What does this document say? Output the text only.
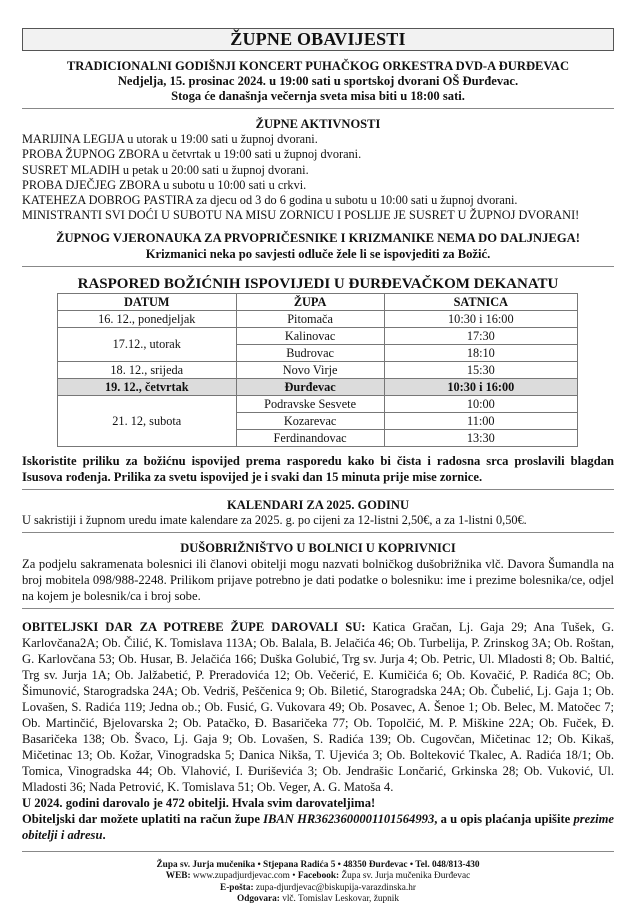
ŽUPNE OBAVIJESTI
TRADICIONALNI GODIŠNJI KONCERT PUHAČKOG ORKESTRA DVD-A ĐURĐEVAC
Nedjelja, 15. prosinac 2024. u 19:00 sati u sportskoj dvorani OŠ Đurđevac.
Stoga će današnja večernja sveta misa biti u 18:00 sati.
ŽUPNE AKTIVNOSTI
MARIJINA LEGIJA u utorak u 19:00 sati u župnoj dvorani.
PROBA ŽUPNOG ZBORA u četvrtak u 19:00 sati u župnoj dvorani.
SUSRET MLADIH u petak u 20:00 sati u župnoj dvorani.
PROBA DJEČJEG ZBORA u subotu u 10:00 sati u crkvi.
KATEHEZA DOBROG PASTIRA za djecu od 3 do 6 godina u subotu u 10:00 sati u župnoj dvorani.
MINISTRANTI SVI DOĆI U SUBOTU NA MISU ZORNICU I POSLIJE JE SUSRET U ŽUPNOJ DVORANI!
ŽUPNOG VJERONAUKA ZA PRVOPRIČESNIKE I KRIZMANIKE NEMA DO DALJNJEGA!
Krizmanici neka po savjesti odluče žele li se ispovjediti za Božić.
RASPORED BOŽIĆNIH ISPOVIJEDI U ĐURĐEVAČKOM DEKANATU
DATUM	ŽUPA	SATNICA
16. 12., ponedjeljak	Pitomača	10:30 i 16:00
17.12., utorak	Kalinovac	17:30
	Budrovac	18:10
18. 12., srijeda	Novo Virje	15:30
19. 12., četvrtak	Đurđevac	10:30 i 16:00
21. 12, subota	Podravske Sesvete	10:00
	Kozarevac	11:00
	Ferdinandovac	13:30
Iskoristite priliku za božićnu ispovijed prema rasporedu kako bi čista i radosna srca proslavili blagdan Isusova rođenja. Prilika za svetu ispovijed je i svaki dan 15 minuta prije mise zornice.
KALENDARI ZA 2025. GODINU
U sakristiji i župnom uredu imate kalendare za 2025. g. po cijeni za 12-listni 2,50€, a za 1-listni 0,50€.
DUŠOBRIŽNIŠTVO U BOLNICI U KOPRIVNICI
Za podjelu sakramenata bolesnici ili članovi obitelji mogu nazvati bolničkog dušobrižnika vlč. Davora Šumandla na broj mobitela 098/988-2248. Prilikom prijave potrebno je dati podatke o bolesniku: ime i prezime bolesnika/ce, odjel na kojem je bolesnik/ca i broj sobe.
OBITELJSKI DAR ZA POTREBE ŽUPE DAROVALI SU: Katica Gračan, Lj. Gaja 29; Ana Tušek, G. Karlovčana2A; Ob. Čilić, K. Tomislava 113A; Ob. Balala, B. Jelačića 46; Ob. Turbelija, P. Zrinskog 3A; Ob. Roštan, G. Karlovčana 53; Ob. Husar, B. Jelačića 166; Duška Golubić, Trg sv. Jurja 4; Ob. Petric, Ul. Mladosti 8; Ob. Baltić, Trg sv. Jurja 1A; Ob. Jalžabetić, P. Preradovića 12; Ob. Večerić, E. Kumičića 6; Ob. Kovačić, P. Radića 8C; Ob. Šimunović, Starogradska 24A; Ob. Vedriš, Peščenica 9; Ob. Biletić, Starogradska 24A; Ob. Čubelić, Lj. Gaja 1; Ob. Lovašen, S. Radića 119; Jedna ob.; Ob. Fusić, G. Vukovara 49; Ob. Posavec, A. Šenoe 1; Ob. Belec, M. Matočec 7; Ob. Martinčić, Bjelovarska 2; Ob. Patačko, Đ. Basaričeka 77; Ob. Topolčić, M. P. Miškine 22A; Ob. Fuček, Đ. Basaričeka 138; Ob. Švaco, Lj. Gaja 9; Ob. Lovašen, S. Radića 139; Ob. Cugovčan, Mičetinac 12; Ob. Kikaš, Mičetinac 13; Ob. Kožar, Vinogradska 5; Danica Nikša, T. Ujevića 3; Ob. Bolteković Tkalec, A. Radića 18/1; Ob. Tomica, Vinogradska 44; Ob. Vlahović, I. Đuriševića 3; Ob. Jendrašic Lončarić, Grkinska 28; Ob. Vuković, Ul. Mladosti 36; Nada Petrović, K. Tomislava 51; Ob. Veger, A. G. Matoša 4.
U 2024. godini darovalo je 472 obitelji. Hvala svim darovateljima!
Obiteljski dar možete uplatiti na račun župe IBAN HR3623600001101564993, a u opis plaćanja upišite prezime obitelji i adresu.
Župa sv. Jurja mučenika • Stjepana Radića 5 • 48350 Đurđevac • Tel. 048/813-430
WEB: www.zupadjurdjevac.com • Facebook: Župa sv. Jurja mučenika Đurđevac
E-pošta: zupa-djurdjevac@biskupija-varazdinska.hr
Odgovara: vlč. Tomislav Leskovar, župnik
